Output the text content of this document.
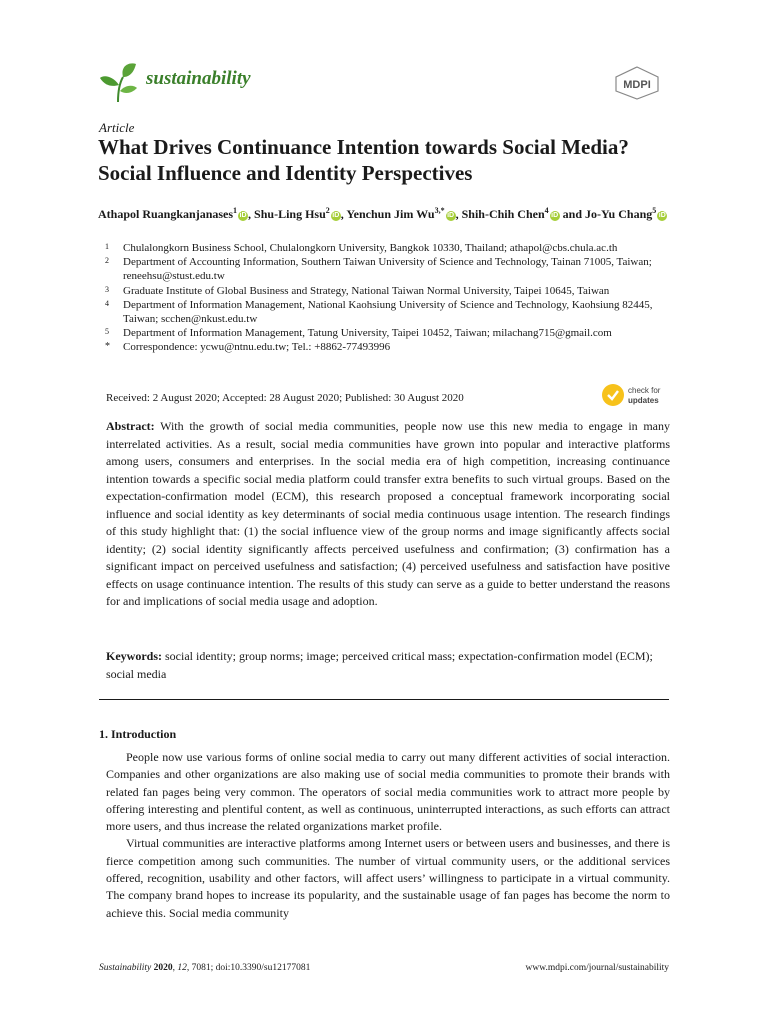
sustainability	MDPI
Article
What Drives Continuance Intention towards Social Media? Social Influence and Identity Perspectives
Athapol Ruangkanjanases$^1$iD , Shu-Ling Hsu$^2$iD , Yenchun Jim $Wu^{3,*}iD$ , Shih-Chih Chen$^4$iD and Jo-Yu Chang$^5$iD
1 Chulalongkorn Business School, Chulalongkorn University, Bangkok 10330, Thailand; athapol@cbs.chula.ac.th
2 Department of Accounting Information, Southern Taiwan University of Science and Technology, Tainan 71005, Taiwan; reneehsu@stust.edu.tw
3 Graduate Institute of Global Business and Strategy, National Taiwan Normal University, Taipei 10645, Taiwan
4 Department of Information Management, National Kaohsiung University of Science and Technology, Kaohsiung 82445, Taiwan; scchen@nkust.edu.tw
5 Department of Information Management, Tatung University, Taipei 10452, Taiwan; milachang715@gmail.com
* Correspondence: ycwu@ntnu.edu.tw; Tel.: +8862-77493996
Received: 2 August 2020; Accepted: 28 August 2020; Published: 30 August 2020
check for
updates
Abstract: With the growth of social media communities, people now use this new media to engage in many interrelated activities. As a result, social media communities have grown into popular and interactive platforms among users, consumers and enterprises. In the social media era of high competition, increasing continuance intention towards a specific social media platform could transfer extra benefits to such virtual groups. Based on the expectation-confirmation model (ECM), this research proposed a conceptual framework incorporating social influence and social identity as key determinants of social media continuous usage intention. The research findings of this study highlight that: (1) the social influence view of the group norms and image significantly affects social identity; (2) social identity significantly affects perceived usefulness and confirmation; (3) confirmation has a significant impact on perceived usefulness and satisfaction; (4) perceived usefulness and satisfaction have positive effects on usage continuance intention. The results of this study can serve as a guide to better understand the reasons for and implications of social media usage and adoption.
Keywords: social identity; group norms; image; perceived critical mass; expectation-confirmation model (ECM); social media
1. Introduction

People now use various forms of online social media to carry out many different activities of social interaction. Companies and other organizations are also making use of social media communities to promote their brands with related fan pages being very common. The operators of social media communities work to attract more people by offering interesting and plentiful content, as well as continuous, uninterrupted interactions, as such efforts can attract more users, and thus increase the related organizations market profile.

Virtual communities are interactive platforms among Internet users or between users and businesses, and there is fierce competition among such communities. The number of virtual community users, or the additional services offered, recognition, usability and other factors, will affect users’ willingness to participate in a virtual community. The company brand hopes to increase its popularity, and the sustainable usage of fan pages has become the norm to achieve this. Social media community

Sustainability 2020, 12, 7081; doi:10.3390/su12177081	www.mdpi.com/journal/sustainability
